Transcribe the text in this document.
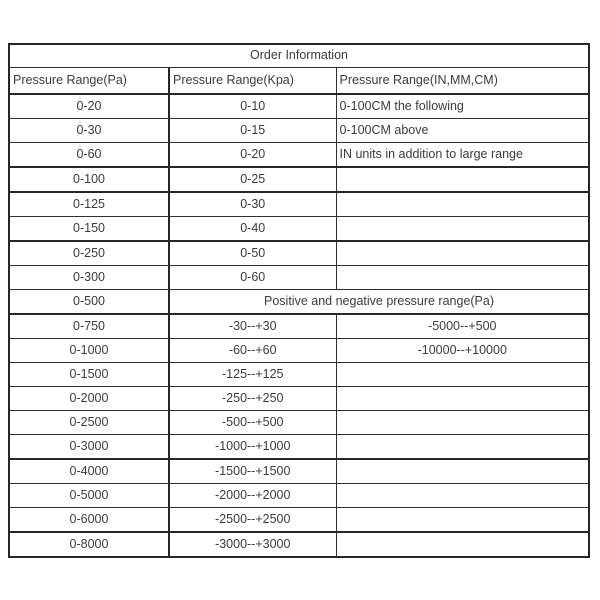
Order Information		
Pressure Range(Pa)	Pressure Range(Kpa)	Pressure Range(IN,MM,CM)
0-20	0-10	0-100CM the following
0-30	0-15	0-100CM above
0-60	0-20	IN units in addition to large range
0-100	0-25	
0-125	0-30	
0-150	0-40	
0-250	0-50	
0-300	0-60	
0-500	Positive and negative pressure range(Pa)	
0-750	-30--+30	-5000--+500
0-1000	-60--+60	-10000--+10000
0-1500	-125--+125	
0-2000	-250--+250	
0-2500	-500--+500	
0-3000	-1000--+1000	
0-4000	-1500--+1500	
0-5000	-2000--+2000	
0-6000	-2500--+2500	
0-8000	-3000--+3000	
